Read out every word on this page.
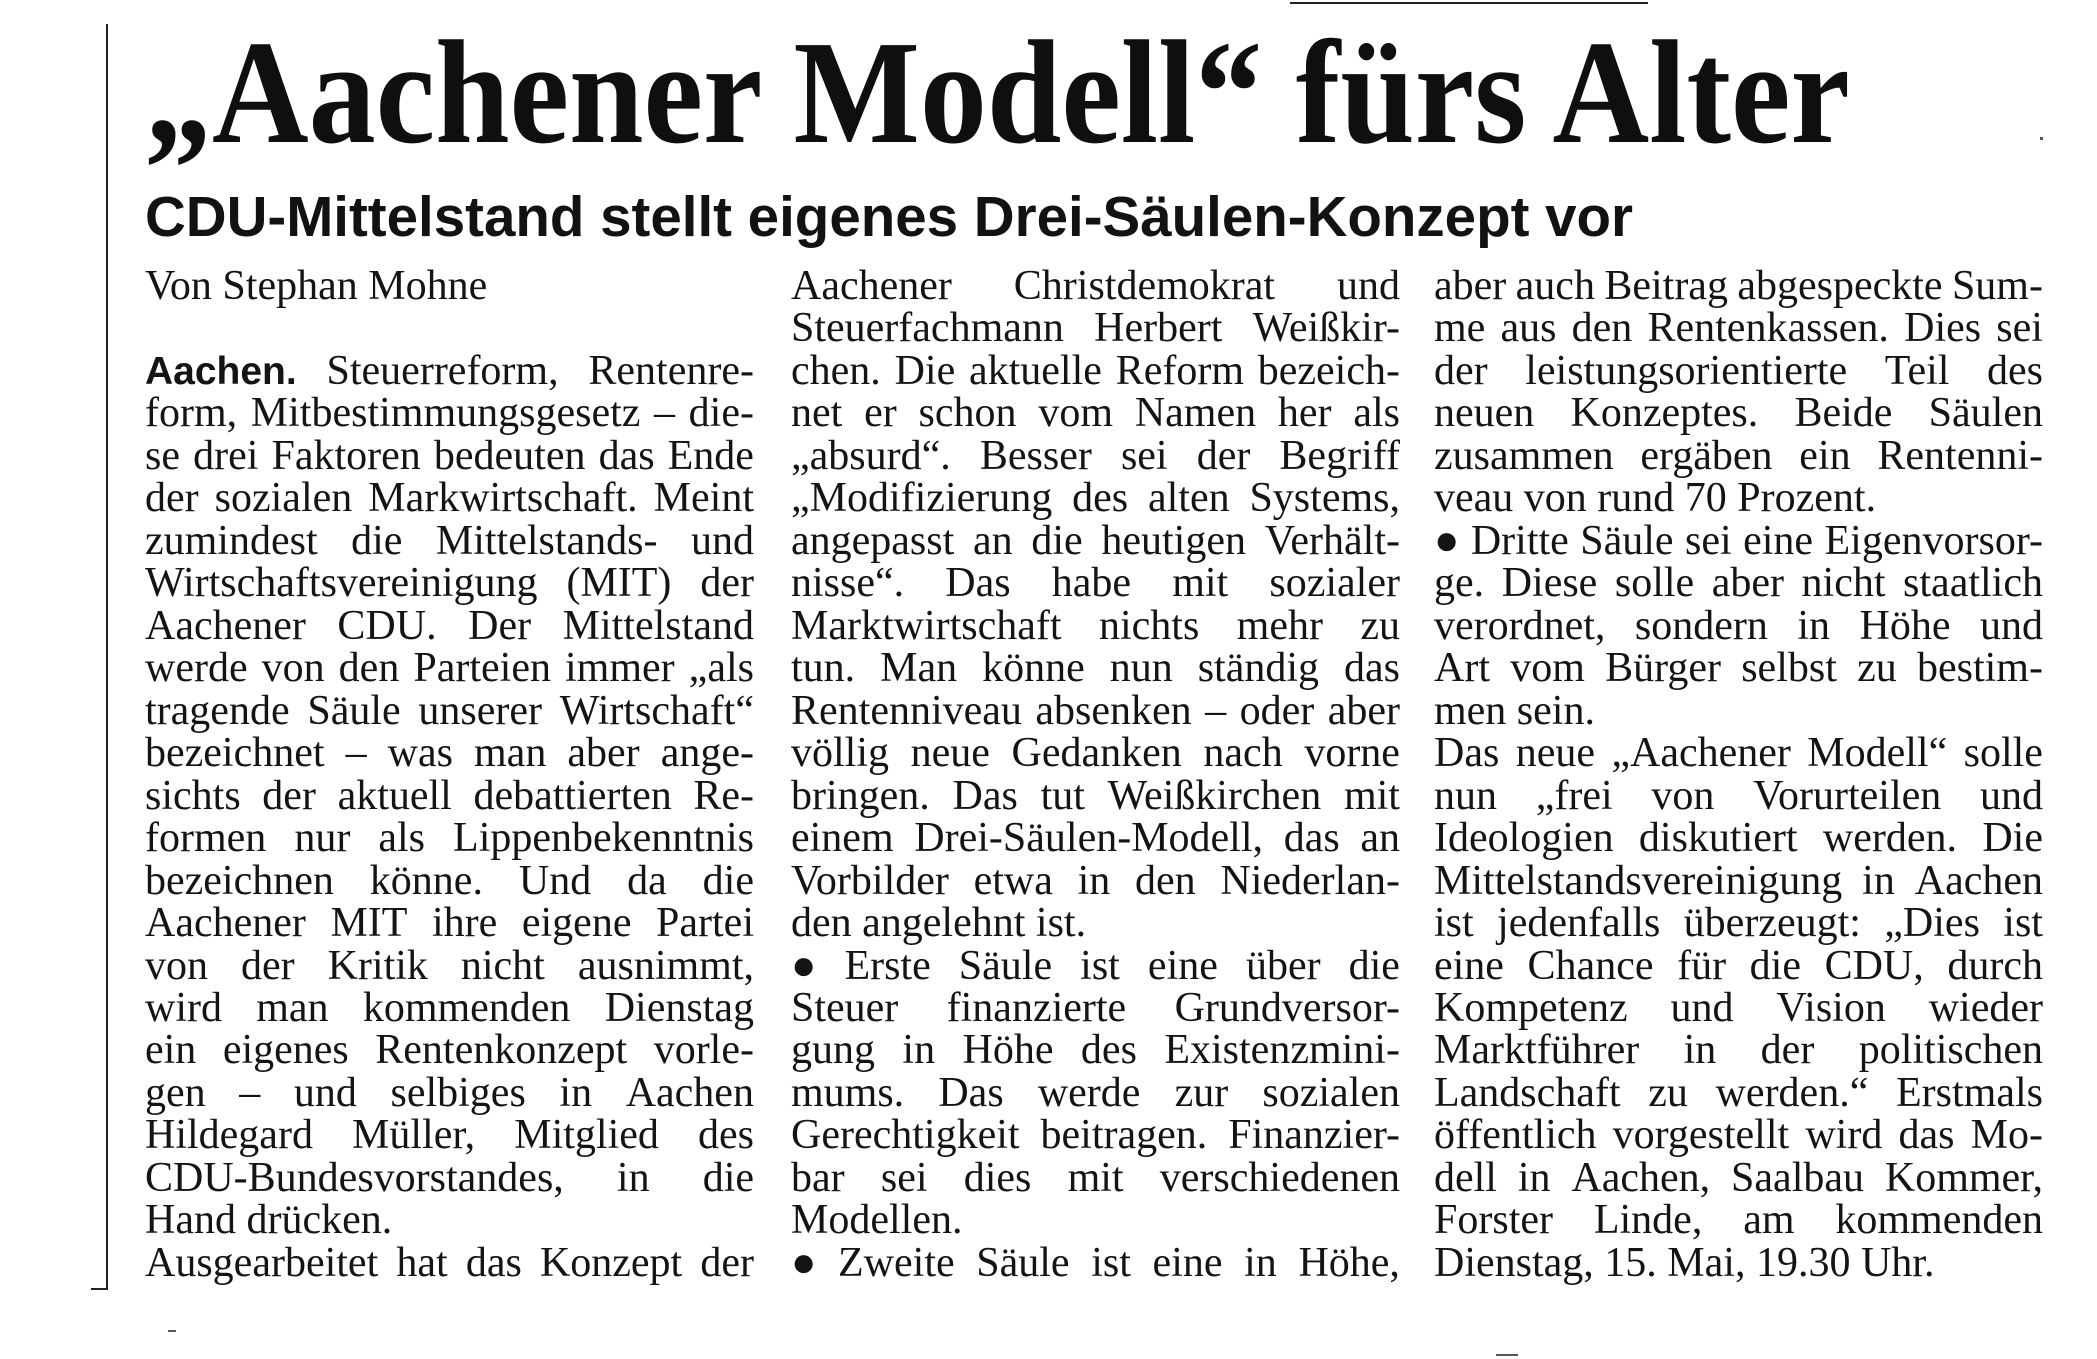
„Aachener Modell“ fürs Alter
CDU-Mittelstand stellt eigenes Drei-Säulen-Konzept vor
Von Stephan Mohne
Aachen. Steuerreform, Rentenre-
form, Mitbestimmungsgesetz – die-
se drei Faktoren bedeuten das Ende
der sozialen Markwirtschaft. Meint
zumindest die Mittelstands- und
Wirtschaftsvereinigung (MIT) der
Aachener CDU. Der Mittelstand
werde von den Parteien immer „als
tragende Säule unserer Wirtschaft“
bezeichnet – was man aber ange-
sichts der aktuell debattierten Re-
formen nur als Lippenbekenntnis
bezeichnen könne. Und da die
Aachener MIT ihre eigene Partei
von der Kritik nicht ausnimmt,
wird man kommenden Dienstag
ein eigenes Rentenkonzept vorle-
gen – und selbiges in Aachen
Hildegard Müller, Mitglied des
CDU-Bundesvorstandes, in die
Hand drücken.
Ausgearbeitet hat das Konzept der
Aachener Christdemokrat und
Steuerfachmann Herbert Weißkir-
chen. Die aktuelle Reform bezeich-
net er schon vom Namen her als
„absurd“. Besser sei der Begriff
„Modifizierung des alten Systems,
angepasst an die heutigen Verhält-
nisse“. Das habe mit sozialer
Marktwirtschaft nichts mehr zu
tun. Man könne nun ständig das
Rentenniveau absenken – oder aber
völlig neue Gedanken nach vorne
bringen. Das tut Weißkirchen mit
einem Drei-Säulen-Modell, das an
Vorbilder etwa in den Niederlan-
den angelehnt ist.
● Erste Säule ist eine über die
Steuer finanzierte Grundversor-
gung in Höhe des Existenzmini-
mums. Das werde zur sozialen
Gerechtigkeit beitragen. Finanzier-
bar sei dies mit verschiedenen
Modellen.
● Zweite Säule ist eine in Höhe,
aber auch Beitrag abgespeckte Sum-
me aus den Rentenkassen. Dies sei
der leistungsorientierte Teil des
neuen Konzeptes. Beide Säulen
zusammen ergäben ein Rentenni-
veau von rund 70 Prozent.
● Dritte Säule sei eine Eigenvorsor-
ge. Diese solle aber nicht staatlich
verordnet, sondern in Höhe und
Art vom Bürger selbst zu bestim-
men sein.
Das neue „Aachener Modell“ solle
nun „frei von Vorurteilen und
Ideologien diskutiert werden. Die
Mittelstandsvereinigung in Aachen
ist jedenfalls überzeugt: „Dies ist
eine Chance für die CDU, durch
Kompetenz und Vision wieder
Marktführer in der politischen
Landschaft zu werden.“ Erstmals
öffentlich vorgestellt wird das Mo-
dell in Aachen, Saalbau Kommer,
Forster Linde, am kommenden
Dienstag, 15. Mai, 19.30 Uhr.
